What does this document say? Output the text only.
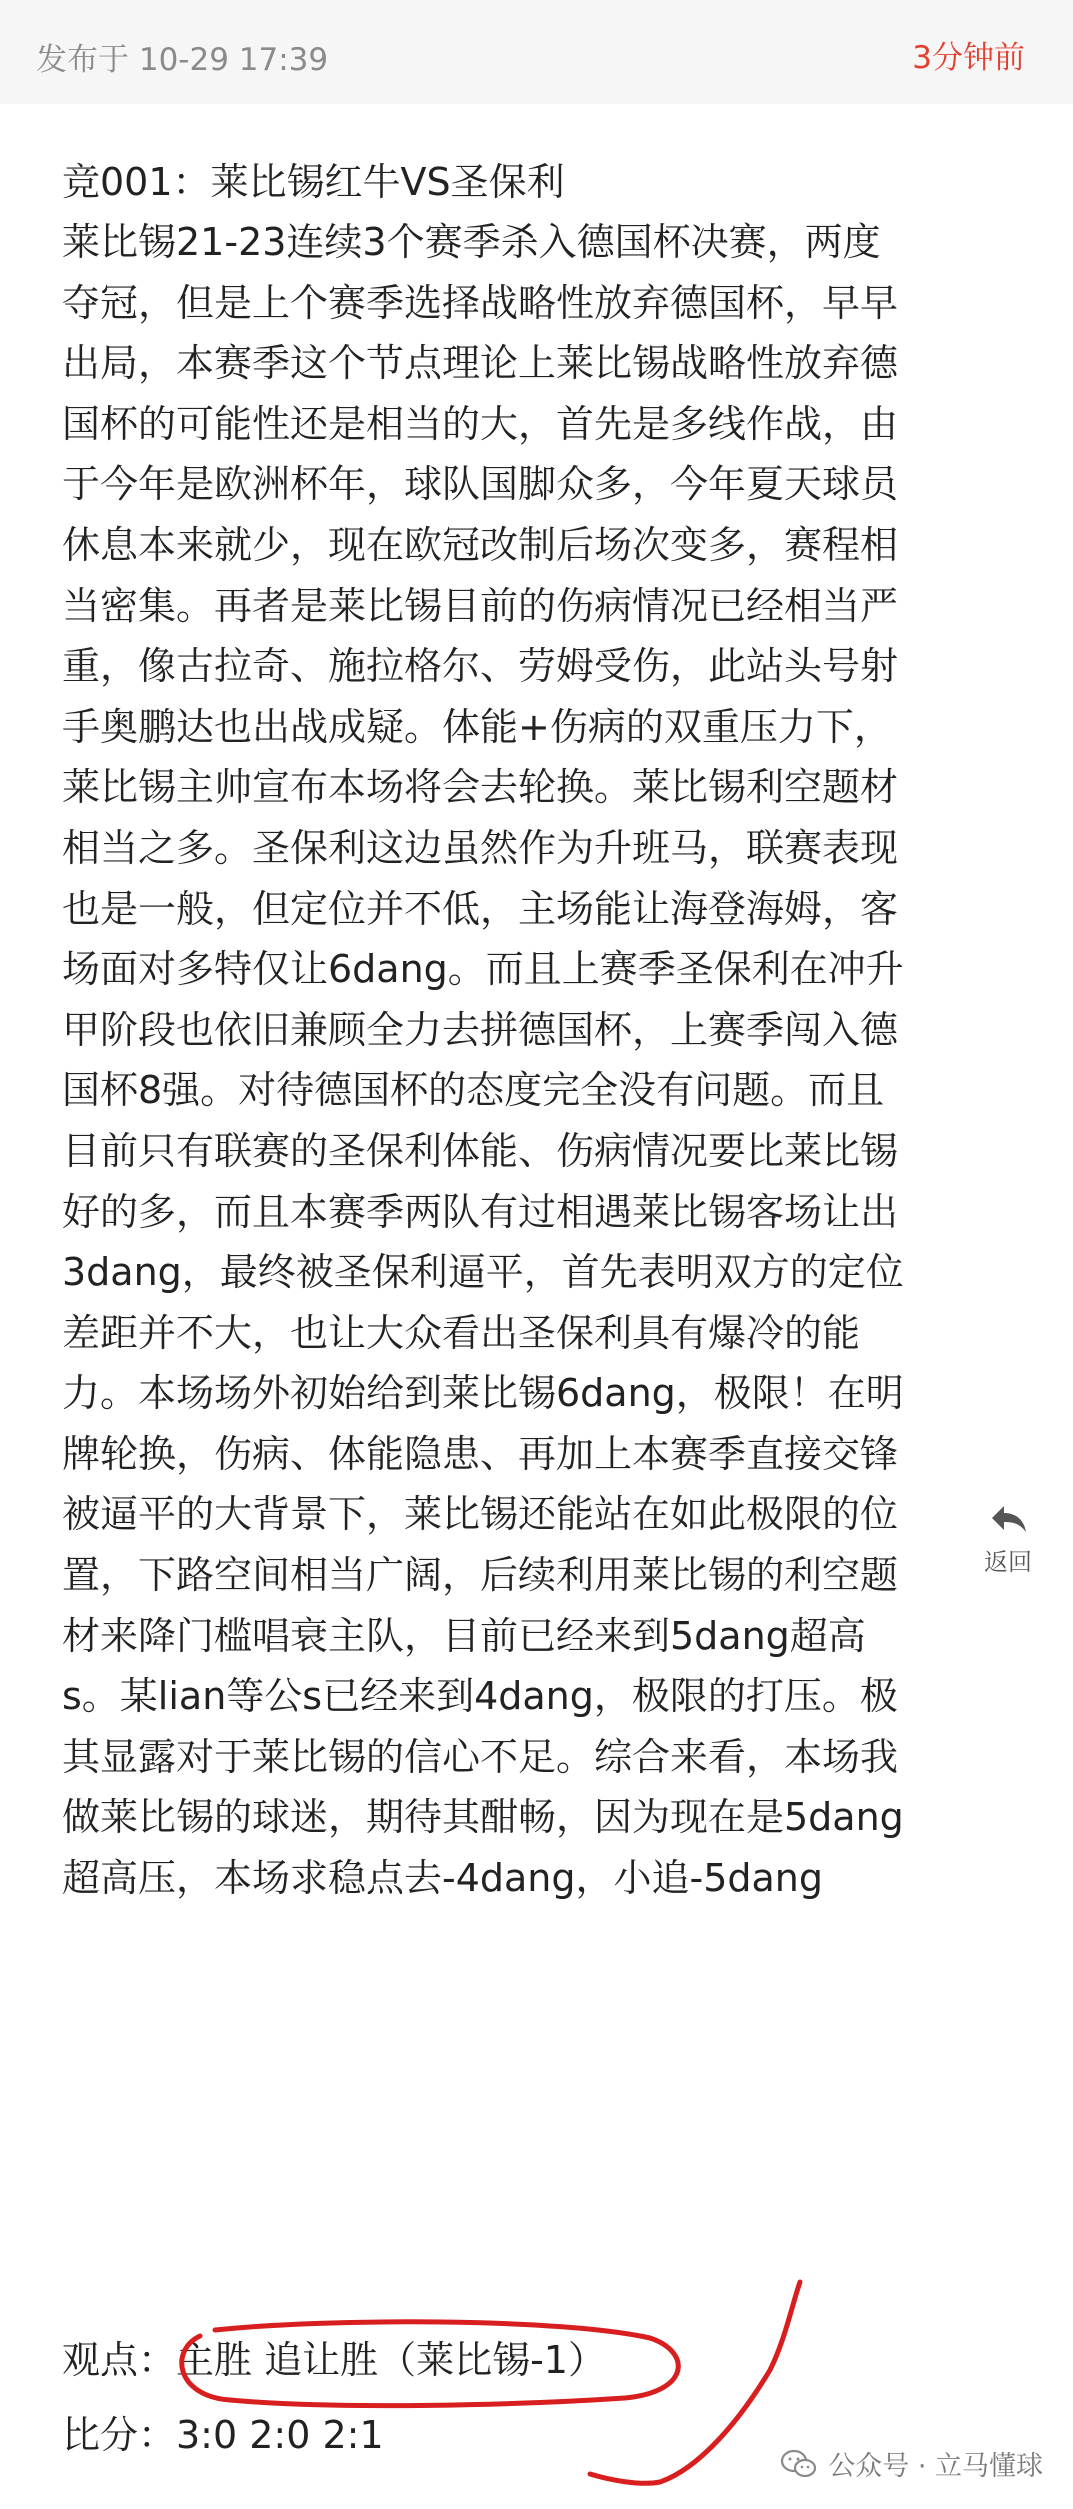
发布于 10-29 17:39	3分钟前
竞001：莱比锡红牛VS圣保利
莱比锡21-23连续3个赛季杀入德国杯决赛，两度
夺冠，但是上个赛季选择战略性放弃德国杯，早早
出局，本赛季这个节点理论上莱比锡战略性放弃德
国杯的可能性还是相当的大，首先是多线作战，由
于今年是欧洲杯年，球队国脚众多，今年夏天球员
休息本来就少，现在欧冠改制后场次变多，赛程相
当密集。再者是莱比锡目前的伤病情况已经相当严
重，像古拉奇、施拉格尔、劳姆受伤，此站头号射
手奥鹏达也出战成疑。体能+伤病的双重压力下，
莱比锡主帅宣布本场将会去轮换。莱比锡利空题材
相当之多。圣保利这边虽然作为升班马，联赛表现
也是一般，但定位并不低，主场能让海登海姆，客
场面对多特仅让6dang。而且上赛季圣保利在冲升
甲阶段也依旧兼顾全力去拼德国杯，上赛季闯入德
国杯8强。对待德国杯的态度完全没有问题。而且
目前只有联赛的圣保利体能、伤病情况要比莱比锡
好的多，而且本赛季两队有过相遇莱比锡客场让出
3dang，最终被圣保利逼平，首先表明双方的定位
差距并不大，也让大众看出圣保利具有爆冷的能
力。本场场外初始给到莱比锡6dang，极限！在明
牌轮换，伤病、体能隐患、再加上本赛季直接交锋
被逼平的大背景下，莱比锡还能站在如此极限的位
置，下路空间相当广阔，后续利用莱比锡的利空题
材来降门槛唱衰主队，目前已经来到5dang超高
s。某lian等公s已经来到4dang，极限的打压。极
其显露对于莱比锡的信心不足。综合来看，本场我
做莱比锡的球迷，期待其酣畅，因为现在是5dang
超高压，本场求稳点去-4dang，小追-5dang
观点：主胜 追让胜（莱比锡-1）
比分：3:0 2:0 2:1
返回
公众号 · 立马懂球
